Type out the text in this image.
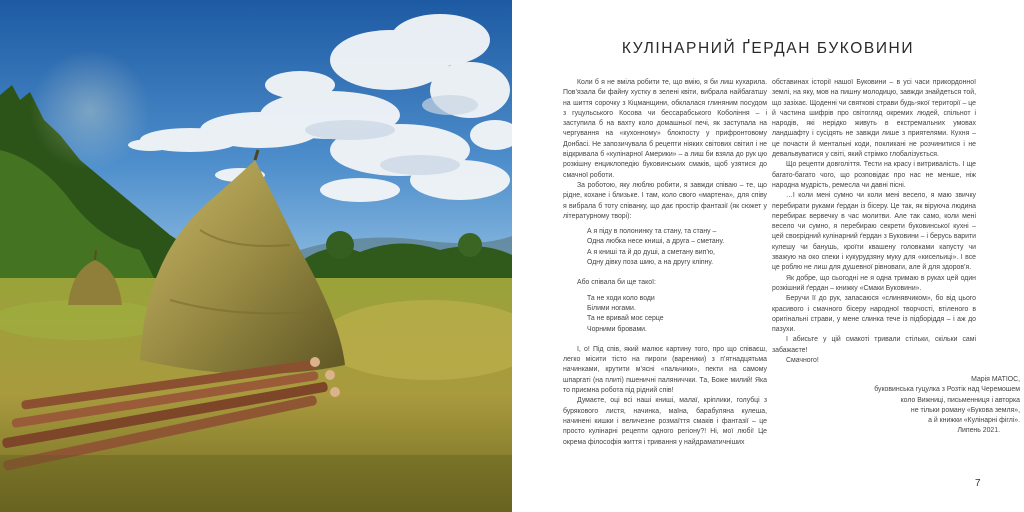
КУЛІНАРНИЙ ҐЕРДАН БУКОВИНИ

Коли б я не вміла робити те, що вмію, я би лиш кухарила. Пов’язала би файну хустку в зелені квіти, вибрала найбагатшу на шиття сорочку з Кіцманщини, обклалася глиняним посудом з гуцульського Косова чи бессарабського Кобоління – і заступила б на вахту коло домашньої печі, як заступала на чергування на «кухонному» блокпосту у прифронтовому Донбасі. Не запозичувала б рецепти ніяких світових світил і не відкривала б «кулінарної Америки» – а лиш би взяла до рук цю розкішну енциклопедію буковинських смаків, щоб узятися до смачної роботи.

За роботою, яку люблю робити, я завжди співаю – те, що рідне, кохане і близьке. І там, коло свого «мартена», для співу я вибрала б тоту співанку, що дає простір фантазії (як сюжет у літературному творі):

А я піду в полонинку та стану, та стану –
Одна любка несе книші, а друга – сметану.
А я книші та й до душі, а сметану вип’ю,
Одну дівку поза шию, а на другу кліпну.

Або співала би ще такої:

Та не ходи коло води
Білими ногами.
Та не вривай моє серце
Чорними бровами.

І, о! Під спів, який малює картину того, про що співаєш, легко місити тісто на пироги (вареники) з п’ятнадцятьма начинками, крутити м’ясні «пальчики», пекти на самому шпаргаті (на плиті) пшеничні паляниччки. Та, Боже милий! Яка то приємна робота під рідний спів!

Думаєте, оці всі наші книші, малаї, кріплики, голубці з бурякового листя, начинка, маїна, барабуляна кулеша, начинені кишки і величезне розмаїття смаків і фантазії – це просто кулінарні рецепти одного регіону?! Ні, мої любі! Це окрема філософія життя і тривання у найдраматичніших

обставинах історії нашої Буковини – в усі часи прикордонної землі, на яку, мов на пишну молодицю, завжди знайдеться той, що зазіхає. Щоденні чи святкові страви будь-якої території – це й частина шифрів про світогляд окремих людей, спільнот і народів, які нерідко живуть в екстремальних умовах ландшафту і сусідять не завжди лише з приятелями. Кухня – це почасти й ментальні коди, покликані не розчинитися і не девальвуватися у світі, який стрімко глобалізується.

Що рецепти довголіття. Тести на красу і витривалість. І ще багато-багато чого, що розповідає про нас не менше, ніж народна мудрість, ремесла чи давні пісні.

…І коли мені сумно чи коли мені весело, я маю звичку перебирати руками ґердан із бісеру. Це так, як віруюча людина перебирає вервечку в час молитви. Але так само, коли мені весело чи сумно, я перебираю секрети буковинської кухні – цей своєрідний кулінарний ґердан з Буковини – і берусь варити кулешу чи банушь, кроїти квашену головками капусту чи зважую на око спеки і кукурудзяну муку для «кисельиці». І все це роблю не лиш для душевної рівноваги, але й для здоров’я.

Як добре, що сьогодні не я одна тримаю в руках цей один розкішний ґердан – книжку «Смаки Буковини».

Беручи її до рук, запасаюся «слинявчиком», бо від цього красивого і смачного бісеру народної творчості, втіленого в оригінальні страви, у мене слинка тече із підборіддя – і аж до пазухи.

І абисьте у цій смакоті тривали стільки, скільки самі забажаєте!

Смачного!

Марія МАТІОС,
буковинська гуцулка з Розтік над Черемошем
коло Вижниці, письменниця і авторка
не тільки роману «Букова земля»,
а й книжки «Кулінарні фіглі».
Липень 2021.
7
